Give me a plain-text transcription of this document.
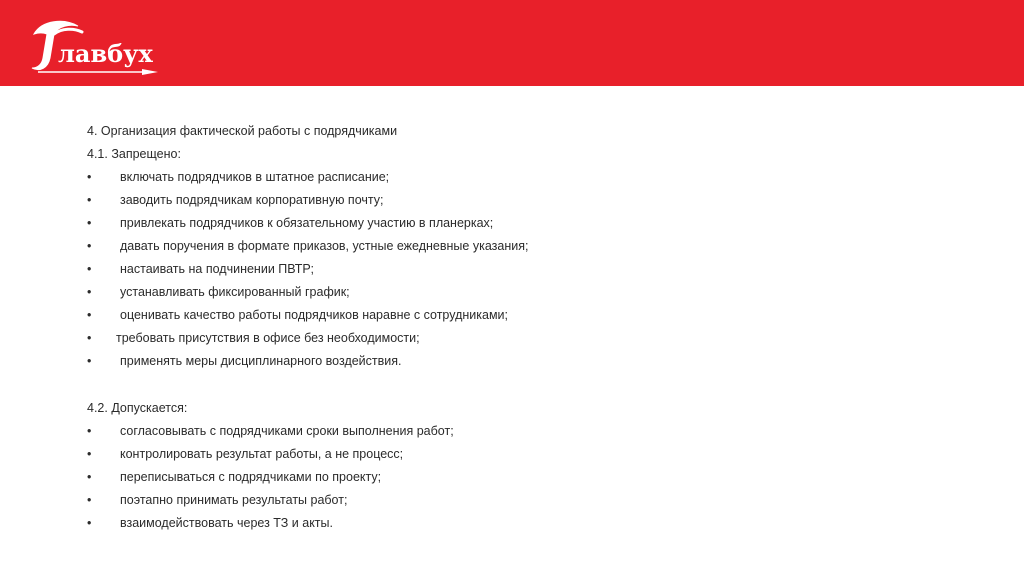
лавбух
4. Организация фактической работы с подрядчиками
4.1. Запрещено:
•	включать подрядчиков в штатное расписание;
•	заводить подрядчикам корпоративную почту;
•	привлекать подрядчиков к обязательному участию в планерках;
•	давать поручения в формате приказов, устные ежедневные указания;
•	настаивать на подчинении ПВТР;
•	устанавливать фиксированный график;
•	оценивать качество работы подрядчиков наравне с сотрудниками;
•	требовать присутствия в офисе без необходимости;
•	применять меры дисциплинарного воздействия.
4.2. Допускается:
•	согласовывать с подрядчиками сроки выполнения работ;
•	контролировать результат работы, а не процесс;
•	переписываться с подрядчиками по проекту;
•	поэтапно принимать результаты работ;
•	взаимодействовать через ТЗ и акты.
